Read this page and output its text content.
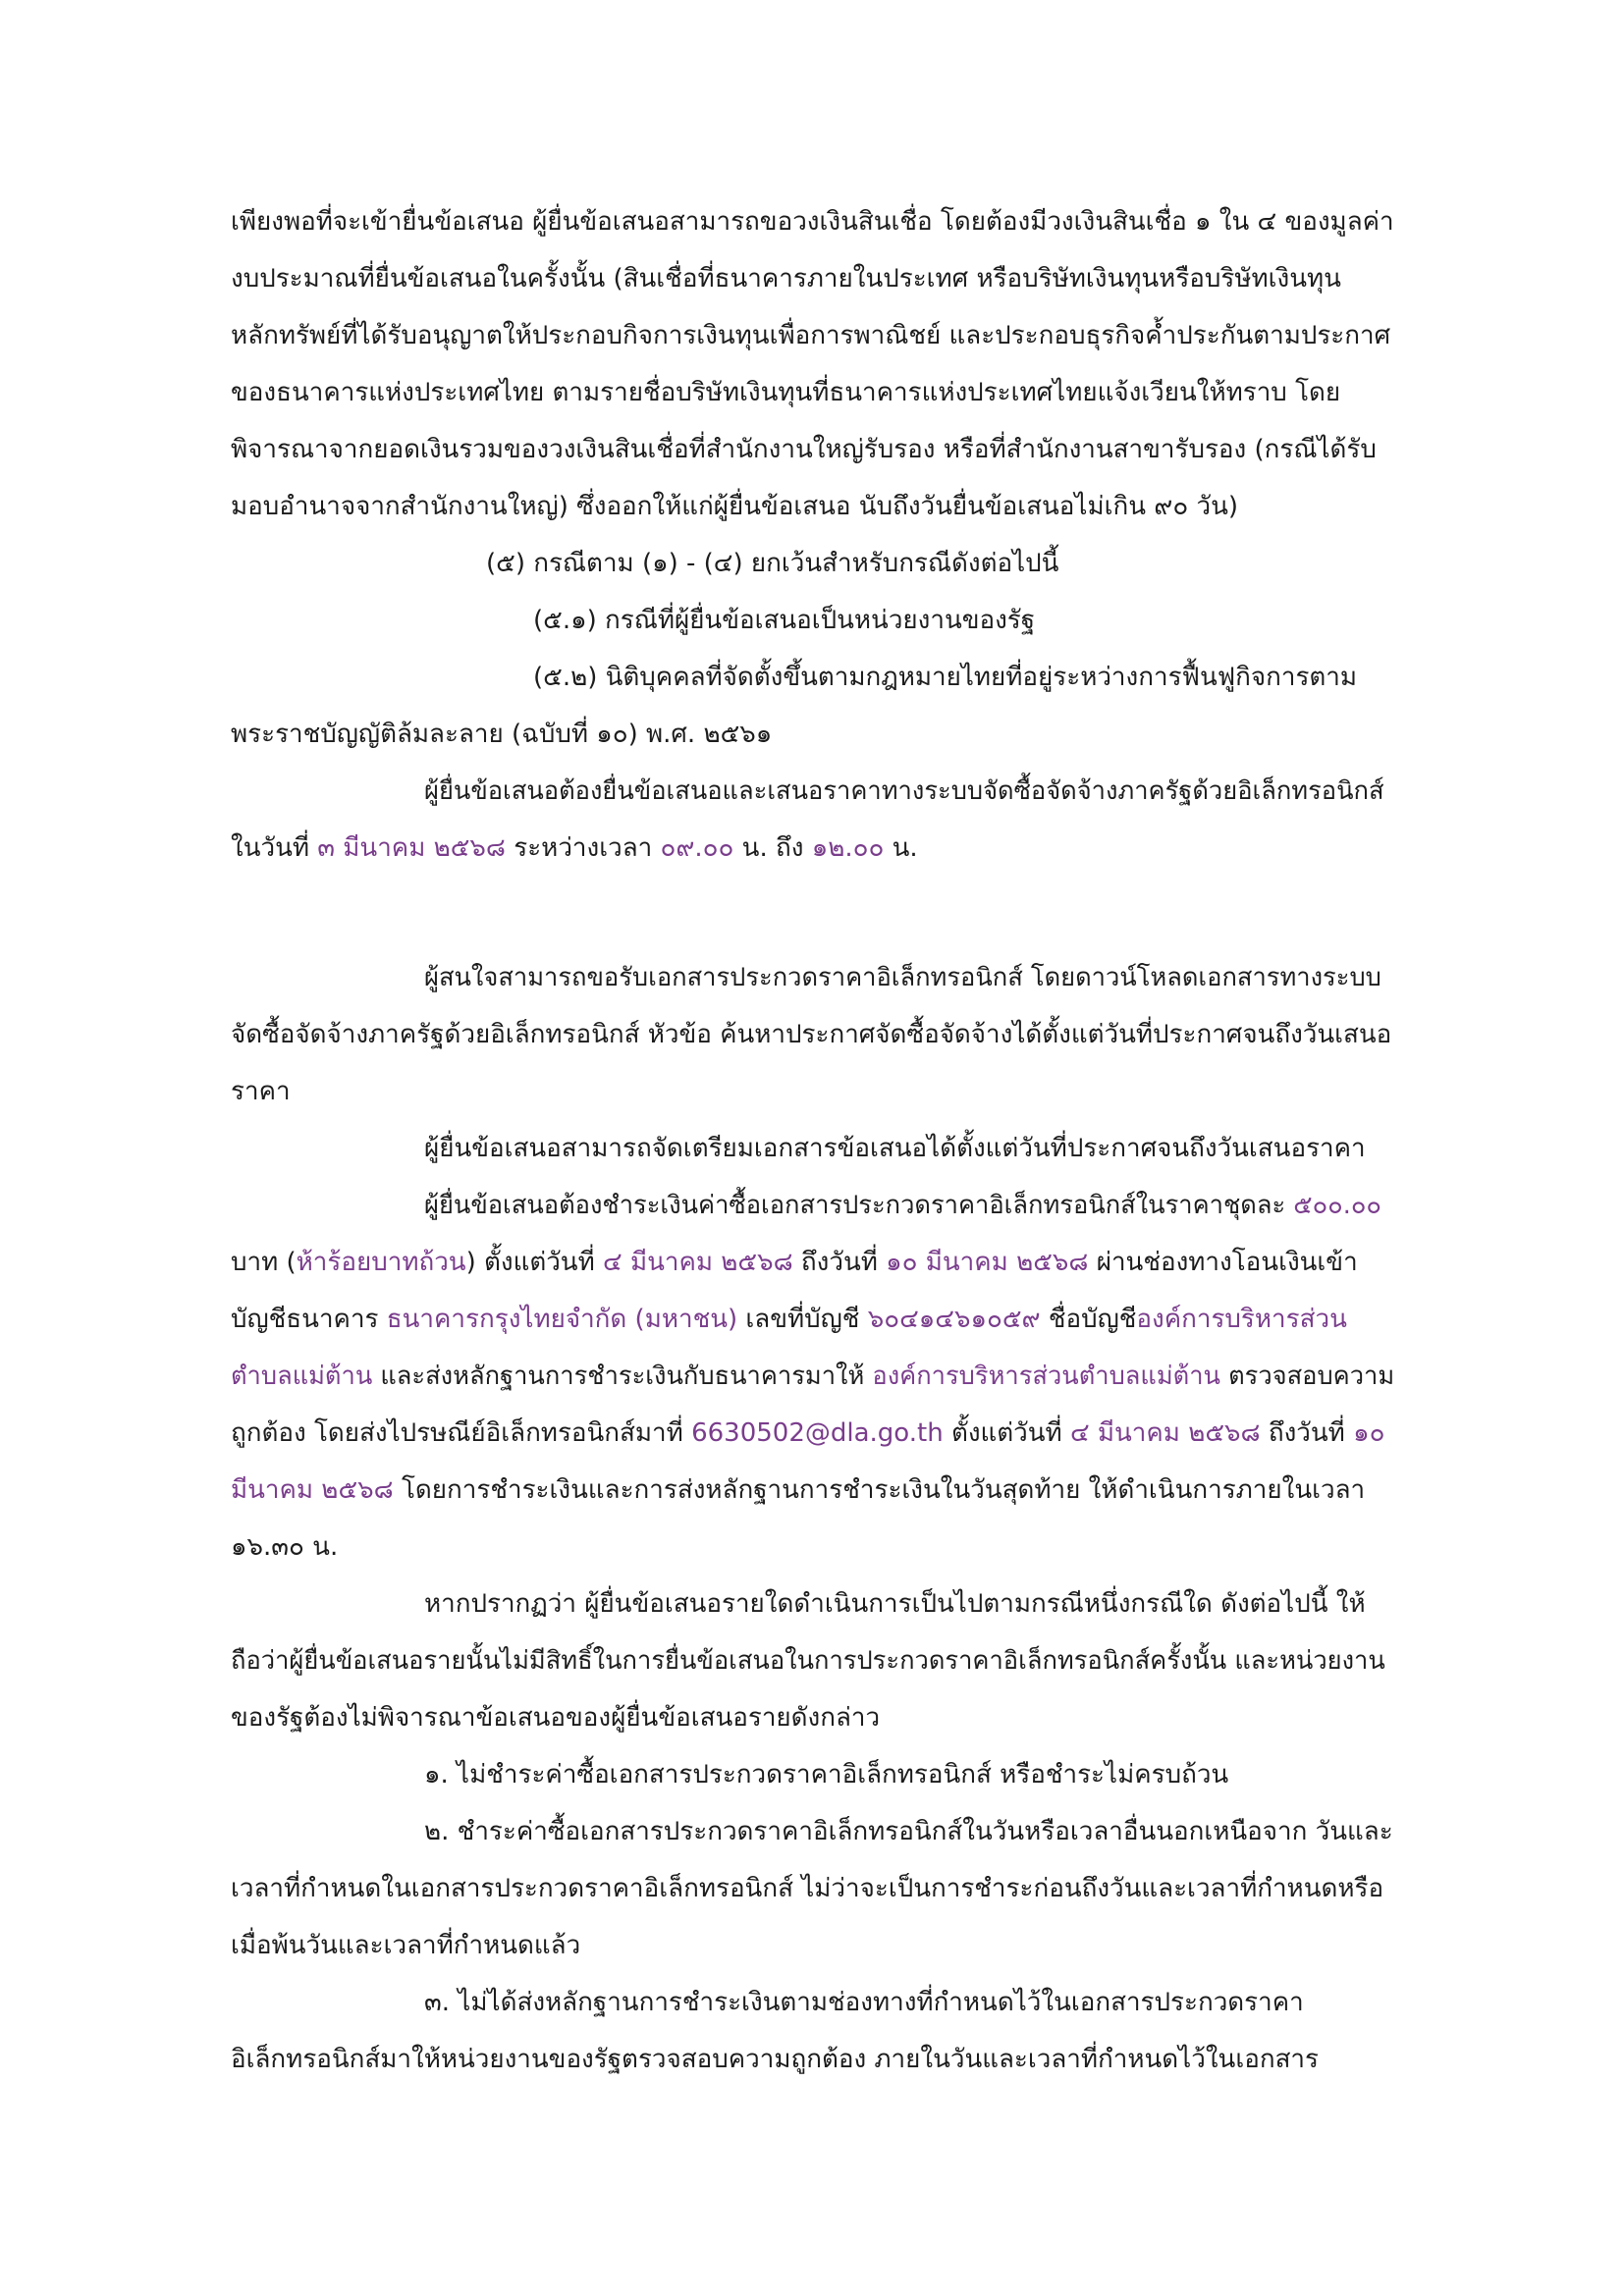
เพียงพอที่จะเข้ายื่นข้อเสนอ ผู้ยื่นข้อเสนอสามารถขอวงเงินสินเชื่อ โดยต้องมีวงเงินสินเชื่อ ๑ ใน ๔ ของมูลค่า
งบประมาณที่ยื่นข้อเสนอในครั้งนั้น (สินเชื่อที่ธนาคารภายในประเทศ หรือบริษัทเงินทุนหรือบริษัทเงินทุน
หลักทรัพย์ที่ได้รับอนุญาตให้ประกอบกิจการเงินทุนเพื่อการพาณิชย์ และประกอบธุรกิจค้ำประกันตามประกาศ
ของธนาคารแห่งประเทศไทย ตามรายชื่อบริษัทเงินทุนที่ธนาคารแห่งประเทศไทยแจ้งเวียนให้ทราบ โดย
พิจารณาจากยอดเงินรวมของวงเงินสินเชื่อที่สำนักงานใหญ่รับรอง หรือที่สำนักงานสาขารับรอง (กรณีได้รับ
มอบอำนาจจากสำนักงานใหญ่) ซึ่งออกให้แก่ผู้ยื่นข้อเสนอ นับถึงวันยื่นข้อเสนอไม่เกิน ๙๐ วัน)
(๕) กรณีตาม (๑) - (๔) ยกเว้นสำหรับกรณีดังต่อไปนี้
(๕.๑) กรณีที่ผู้ยื่นข้อเสนอเป็นหน่วยงานของรัฐ
(๕.๒) นิติบุคคลที่จัดตั้งขึ้นตามกฎหมายไทยที่อยู่ระหว่างการฟื้นฟูกิจการตาม
พระราชบัญญัติล้มละลาย (ฉบับที่ ๑๐) พ.ศ. ๒๕๖๑
ผู้ยื่นข้อเสนอต้องยื่นข้อเสนอและเสนอราคาทางระบบจัดซื้อจัดจ้างภาครัฐด้วยอิเล็กทรอนิกส์
ในวันที่ ๓ มีนาคม ๒๕๖๘ ระหว่างเวลา ๐๙.๐๐ น. ถึง ๑๒.๐๐ น.
ผู้สนใจสามารถขอรับเอกสารประกวดราคาอิเล็กทรอนิกส์ โดยดาวน์โหลดเอกสารทางระบบ
จัดซื้อจัดจ้างภาครัฐด้วยอิเล็กทรอนิกส์ หัวข้อ ค้นหาประกาศจัดซื้อจัดจ้างได้ตั้งแต่วันที่ประกาศจนถึงวันเสนอ
ราคา
ผู้ยื่นข้อเสนอสามารถจัดเตรียมเอกสารข้อเสนอได้ตั้งแต่วันที่ประกาศจนถึงวันเสนอราคา
ผู้ยื่นข้อเสนอต้องชำระเงินค่าซื้อเอกสารประกวดราคาอิเล็กทรอนิกส์ในราคาชุดละ ๕๐๐.๐๐
บาท (ห้าร้อยบาทถ้วน) ตั้งแต่วันที่ ๔ มีนาคม ๒๕๖๘ ถึงวันที่ ๑๐ มีนาคม ๒๕๖๘ ผ่านช่องทางโอนเงินเข้า
บัญชีธนาคาร ธนาคารกรุงไทยจำกัด (มหาชน) เลขที่บัญชี ๖๐๔๑๔๖๑๐๕๙ ชื่อบัญชีองค์การบริหารส่วน
ตำบลแม่ต้าน และส่งหลักฐานการชำระเงินกับธนาคารมาให้ องค์การบริหารส่วนตำบลแม่ต้าน ตรวจสอบความ
ถูกต้อง โดยส่งไปรษณีย์อิเล็กทรอนิกส์มาที่ 6630502@dla.go.th ตั้งแต่วันที่ ๔ มีนาคม ๒๕๖๘ ถึงวันที่ ๑๐
มีนาคม ๒๕๖๘ โดยการชำระเงินและการส่งหลักฐานการชำระเงินในวันสุดท้าย ให้ดำเนินการภายในเวลา
๑๖.๓๐ น.
หากปรากฏว่า ผู้ยื่นข้อเสนอรายใดดำเนินการเป็นไปตามกรณีหนึ่งกรณีใด ดังต่อไปนี้ ให้
ถือว่าผู้ยื่นข้อเสนอรายนั้นไม่มีสิทธิ์ในการยื่นข้อเสนอในการประกวดราคาอิเล็กทรอนิกส์ครั้งนั้น และหน่วยงาน
ของรัฐต้องไม่พิจารณาข้อเสนอของผู้ยื่นข้อเสนอรายดังกล่าว
๑. ไม่ชำระค่าซื้อเอกสารประกวดราคาอิเล็กทรอนิกส์ หรือชำระไม่ครบถ้วน
๒. ชำระค่าซื้อเอกสารประกวดราคาอิเล็กทรอนิกส์ในวันหรือเวลาอื่นนอกเหนือจาก วันและ
เวลาที่กำหนดในเอกสารประกวดราคาอิเล็กทรอนิกส์ ไม่ว่าจะเป็นการชำระก่อนถึงวันและเวลาที่กำหนดหรือ
เมื่อพ้นวันและเวลาที่กำหนดแล้ว
๓. ไม่ได้ส่งหลักฐานการชำระเงินตามช่องทางที่กำหนดไว้ในเอกสารประกวดราคา
อิเล็กทรอนิกส์มาให้หน่วยงานของรัฐตรวจสอบความถูกต้อง ภายในวันและเวลาที่กำหนดไว้ในเอกสาร
